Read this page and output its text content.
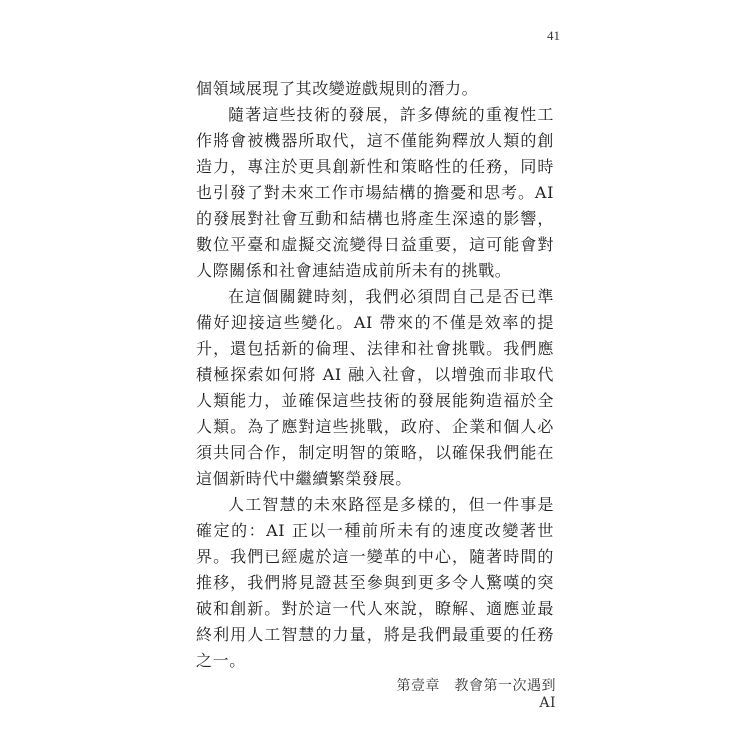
41

個領域展現了其改變遊戲規則的潛力。

隨著這些技術的發展，許多傳統的重複性工作將會被機器所取代，這不僅能夠釋放人類的創造力，專注於更具創新性和策略性的任務，同時也引發了對未來工作市場結構的擔憂和思考。AI 的發展對社會互動和結構也將產生深遠的影響，數位平臺和虛擬交流變得日益重要，這可能會對人際關係和社會連結造成前所未有的挑戰。

在這個關鍵時刻，我們必須問自己是否已準備好迎接這些變化。AI 帶來的不僅是效率的提升，還包括新的倫理、法律和社會挑戰。我們應積極探索如何將 AI 融入社會，以增強而非取代人類能力，並確保這些技術的發展能夠造福於全人類。為了應對這些挑戰，政府、企業和個人必須共同合作，制定明智的策略，以確保我們能在這個新時代中繼續繁榮發展。

人工智慧的未來路徑是多樣的，但一件事是確定的：AI 正以一種前所未有的速度改變著世界。我們已經處於這一變革的中心，隨著時間的推移，我們將見證甚至參與到更多令人驚嘆的突破和創新。對於這一代人來說，瞭解、適應並最終利用人工智慧的力量，將是我們最重要的任務之一。

第壹章　教會第一次遇到 AI
